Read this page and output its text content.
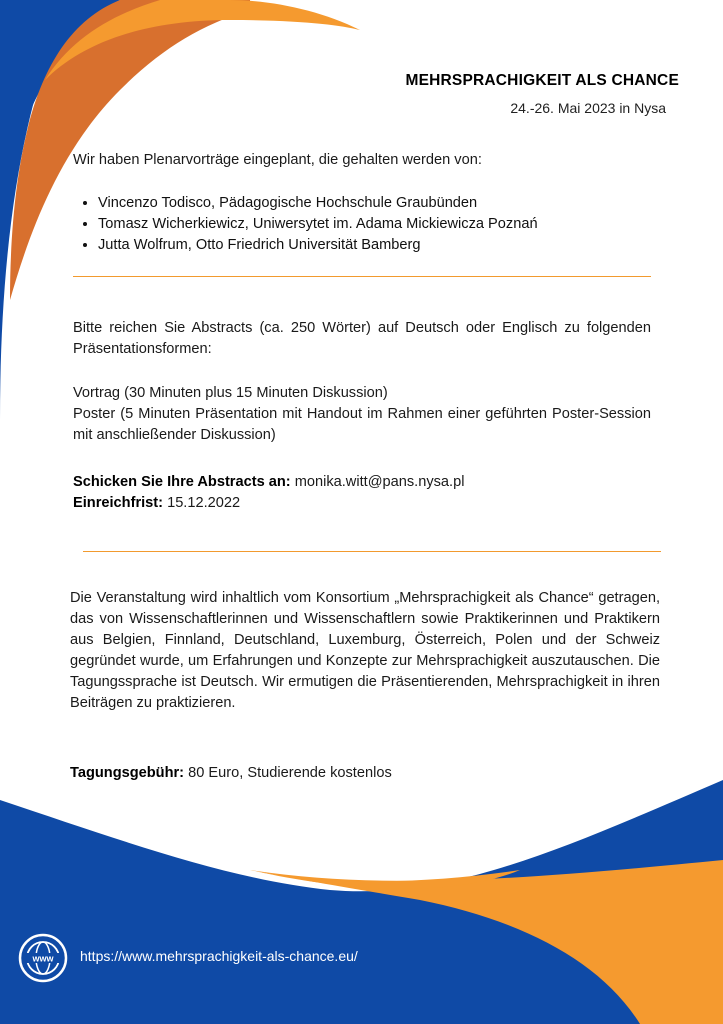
MEHRSPRACHIGKEIT ALS CHANCE
24.-26. Mai 2023 in Nysa
Wir haben Plenarvorträge eingeplant, die gehalten werden von:
• Vincenzo Todisco, Pädagogische Hochschule Graubünden
• Tomasz Wicherkiewicz, Uniwersytet im. Adama Mickiewicza Poznań
• Jutta Wolfrum, Otto Friedrich Universität Bamberg
Bitte reichen Sie Abstracts (ca. 250 Wörter) auf Deutsch oder Englisch zu folgenden Präsentationsformen:
Vortrag (30 Minuten plus 15 Minuten Diskussion)
Poster (5 Minuten Präsentation mit Handout im Rahmen einer geführten Poster-Session mit anschließender Diskussion)
Schicken Sie Ihre Abstracts an: monika.witt@pans.nysa.pl
Einreichfrist: 15.12.2022
Die Veranstaltung wird inhaltlich vom Konsortium „Mehrsprachigkeit als Chance“ getragen, das von Wissenschaftlerinnen und Wissenschaftlern sowie Praktikerinnen und Praktikern aus Belgien, Finnland, Deutschland, Luxemburg, Österreich, Polen und der Schweiz gegründet wurde, um Erfahrungen und Konzepte zur Mehrsprachigkeit auszutauschen. Die Tagungssprache ist Deutsch. Wir ermutigen die Präsentierenden, Mehrsprachigkeit in ihren Beiträgen zu praktizieren.
Tagungsgebühr: 80 Euro, Studierende kostenlos
www https://www.mehrsprachigkeit-als-chance.eu/
